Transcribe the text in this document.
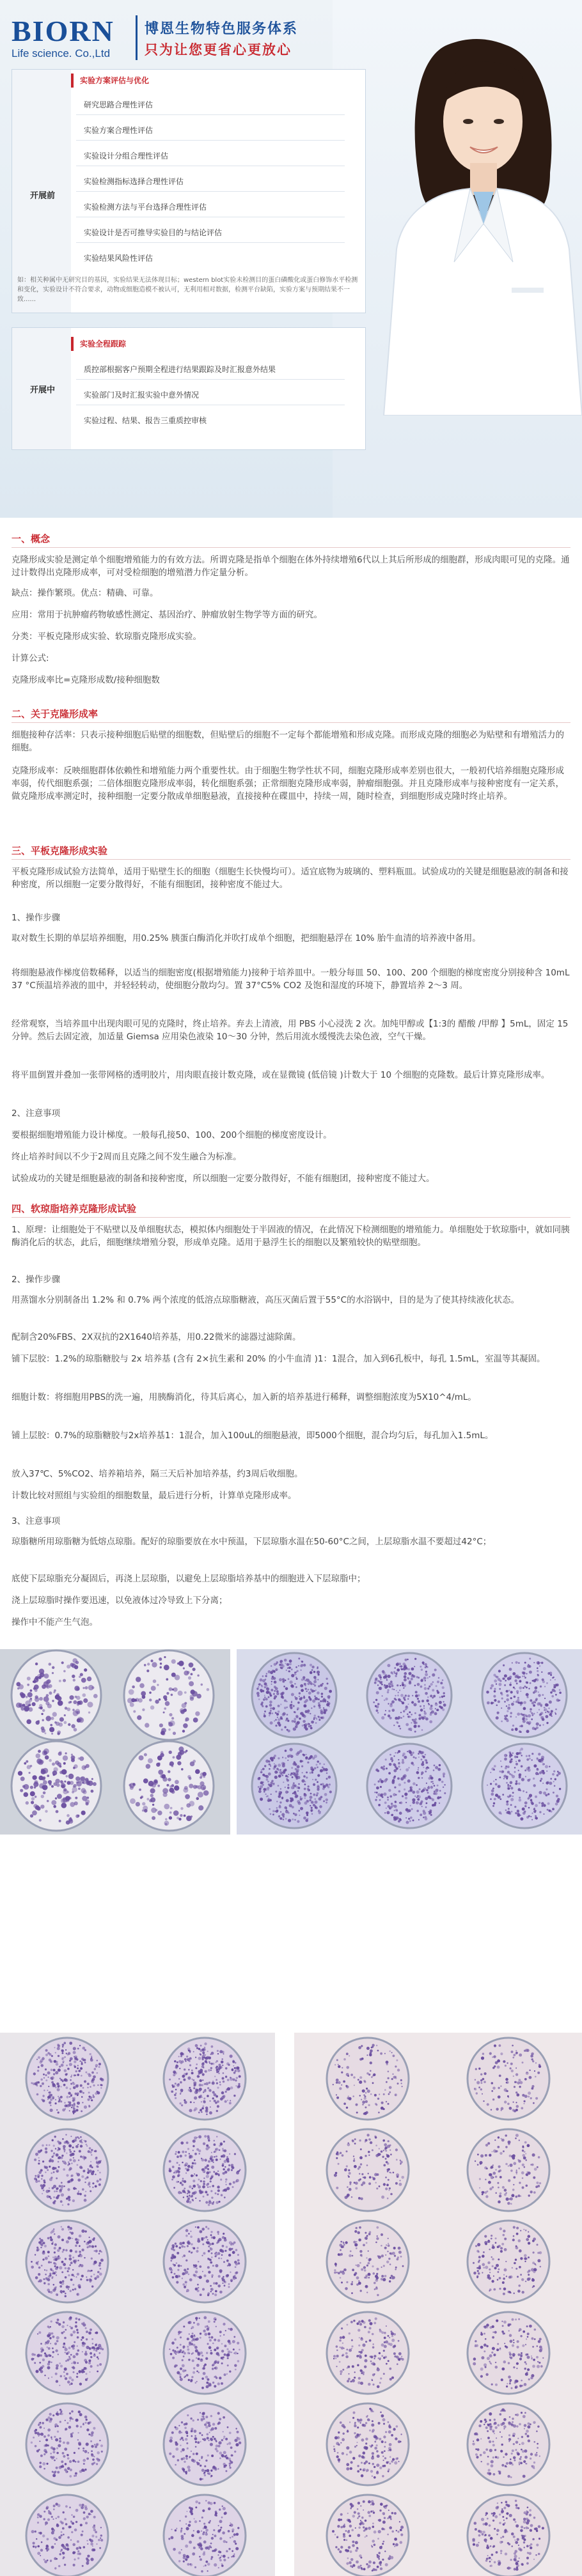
BIORN
Life science. Co.,Ltd
博恩生物特色服务体系
只为让您更省心更放心
开展前
实验方案评估与优化
研究思路合理性评估
实验方案合理性评估
实验设计分组合理性评估
实验检测指标选择合理性评估
实验检测方法与平台选择合理性评估
实验设计是否可推导实验目的与结论评估
实验结果风险性评估
如：相关种属中无研究目的基因，实验结果无法体现目标；western blot实验未检测目的蛋白磷酸化或蛋白修饰水平检测和变化，实验设计不符合要求，动物或细胞造模不被认可，无利用相对数据，检测平台缺陷，实验方案与预期结果不一致......
开展中
实验全程跟踪
质控部根据客户预期全程进行结果跟踪及时汇报意外结果
实验部门及时汇报实验中意外情况
实验过程、结果、报告三重质控审核
一、概念
克隆形成实验是测定单个细胞增殖能力的有效方法。所谓克隆是指单个细胞在体外持续增殖6代以上其后所形成的细胞群，形成肉眼可见的克隆。通过计数得出克隆形成率，可对受检细胞的增殖潜力作定量分析。
缺点：操作繁琐。优点：精确、可靠。
应用：常用于抗肿瘤药物敏感性测定、基因治疗、肿瘤放射生物学等方面的研究。
分类：平板克隆形成实验、软琼脂克隆形成实验。
计算公式:
克隆形成率比=克隆形成数/接种细胞数
二、关于克隆形成率
细胞接种存活率：只表示接种细胞后贴壁的细胞数，但贴壁后的细胞不一定每个都能增殖和形成克隆。而形成克隆的细胞必为贴壁和有增殖活力的细胞。
克隆形成率：反映细胞群体依赖性和增殖能力两个重要性状。由于细胞生物学性状不同，细胞克隆形成率差别也很大，一般初代培养细胞克隆形成率弱，传代细胞系强；二倍体细胞克隆形成率弱，转化细胞系强；正常细胞克隆形成率弱，肿瘤细胞强。并且克隆形成率与接种密度有一定关系，做克隆形成率测定时，接种细胞一定要分散成单细胞悬液，直接接种在碟皿中，持续一周，随时检查，到细胞形成克隆时终止培养。
三、平板克隆形成实验
平板克隆形成试验方法简单，适用于贴壁生长的细胞（细胞生长快慢均可）。适宜底物为玻璃的、塑料瓶皿。试验成功的关键是细胞悬液的制备和接种密度，所以细胞一定要分散得好，不能有细胞团，接种密度不能过大。
1、操作步骤
取对数生长期的单层培养细胞，用0.25% 胰蛋白酶消化并吹打成单个细胞，把细胞悬浮在 10% 胎牛血清的培养液中备用。
将细胞悬液作梯度倍数稀释，以适当的细胞密度(根据增殖能力)接种于培养皿中。一般分每皿 50、100、200 个细胞的梯度密度分别接种含 10mL 37 °C预温培养液的皿中，并轻轻转动，使细胞分散均匀。置 37°C5% CO2 及饱和湿度的环境下，静置培养 2～3 周。
经常观察，当培养皿中出现肉眼可见的克隆时，终止培养。弃去上清液，用 PBS 小心浸洗 2 次。加纯甲醇或【1:3的 醋酸 /甲醇 】5mL，固定 15 分钟。然后去固定液，加适量 Giemsa 应用染色液染 10～30 分钟，然后用流水缓慢洗去染色液，空气干燥。
将平皿倒置并叠加一张带网格的透明胶片，用肉眼直接计数克隆，或在显微镜 (低倍镜 )计数大于 10 个细胞的克隆数。最后计算克隆形成率。
2、注意事项
要根据细胞增殖能力设计梯度。一般每孔接50、100、200个细胞的梯度密度设计。
终止培养时间以不少于2周而且克隆之间不发生融合为标准。
试验成功的关键是细胞悬液的制备和接种密度，所以细胞一定要分散得好，不能有细胞团，接种密度不能过大。
四、软琼脂培养克隆形成试验
1、原理：让细胞处于不贴壁以及单细胞状态，模拟体内细胞处于半固液的情况，在此情况下检测细胞的增殖能力。单细胞处于软琼脂中，就如同胰酶消化后的状态，此后，细胞继续增殖分裂，形成单克隆。适用于悬浮生长的细胞以及繁殖较快的贴壁细胞。
2、操作步骤
用蒸馏水分别制备出 1.2% 和 0.7% 两个浓度的低溶点琼脂糖液，高压灭菌后置于55°C的水浴锅中，目的是为了使其持续液化状态。
配制含20%FBS、2X双抗的2X1640培养基，用0.22微米的滤器过滤除菌。
铺下层胶：1.2%的琼脂糖胶与 2x 培养基 (含有 2×抗生素和 20% 的小牛血清 )1：1混合，加入到6孔板中，每孔 1.5mL，室温等其凝固。
细胞计数：将细胞用PBS的洗一遍，用胰酶消化，待其后离心，加入新的培养基进行稀释，调整细胞浓度为5X10^4/mL。
铺上层胶：0.7%的琼脂糖胶与2x培养基1：1混合，加入100uL的细胞悬液，即5000个细胞，混合均匀后，每孔加入1.5mL。
放入37℃、5%CO2、培养箱培养，隔三天后补加培养基，约3周后收细胞。
计数比较对照组与实验组的细胞数量，最后进行分析，计算单克隆形成率。
3、注意事项
琼脂糖所用琼脂糖为低熔点琼脂。配好的琼脂要放在水中预温，下层琼脂水温在50-60°C之间，上层琼脂水温不要超过42°C；
底使下层琼脂充分凝固后，再浇上层琼脂，以避免上层琼脂培养基中的细胞进入下层琼脂中；
浇上层琼脂时操作要迅速，以免液体过冷导致上下分离；
操作中不能产生气泡。
